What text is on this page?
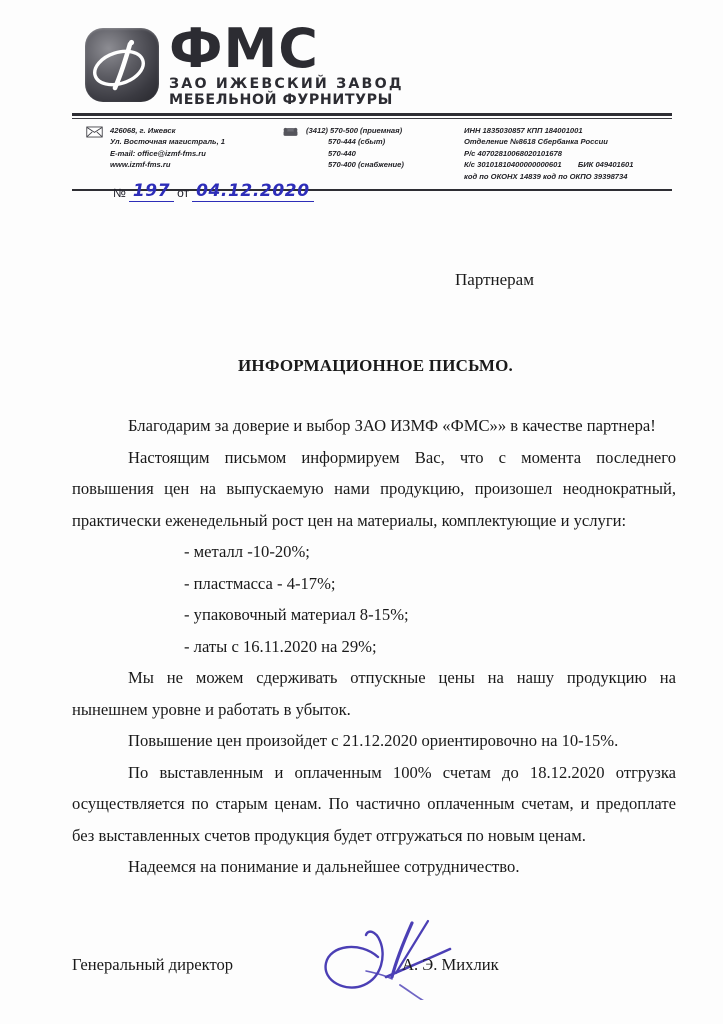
ФМС
ЗАО ИЖЕВСКИЙ ЗАВОД
МЕБЕЛЬНОЙ ФУРНИТУРЫ
426068, г. Ижевск
Ул. Восточная магистраль, 1
E-mail: office@izmf-fms.ru
www.izmf-fms.ru
(3412) 570-500 (приемная)
570-444 (сбыт)
570-440
570-400 (снабжение)
ИНН 1835030857 КПП 184001001
Отделение №8618 Сбербанка России
Р/с 40702810068020101678
К/с 30101810400000000601 БИК 049401601
код по ОКОНХ 14839 код по ОКПО 39398734
№ 197 от 04.12.2020
Партнерам
ИНФОРМАЦИОННОЕ ПИСЬМО.

Благодарим за доверие и выбор ЗАО ИЗМФ «ФМС»» в качестве партнера!

Настоящим письмом информируем Вас, что с момента последнего повышения цен на выпускаемую нами продукцию, произошел неоднократный, практически еженедельный рост цен на материалы, комплектующие и услуги:

- металл -10-20%;

- пластмасса - 4-17%;

- упаковочный материал 8-15%;

- латы с 16.11.2020 на 29%;

Мы не можем сдерживать отпускные цены на нашу продукцию на нынешнем уровне и работать в убыток.

Повышение цен произойдет с 21.12.2020 ориентировочно на 10-15%.

По выставленным и оплаченным 100% счетам до 18.12.2020 отгрузка осуществляется по старым ценам. По частично оплаченным счетам, и предоплате без выставленных счетов продукция будет отгружаться по новым ценам.

Надеемся на понимание и дальнейшее сотрудничество.

Генеральный директор	А. Э. Михлик
